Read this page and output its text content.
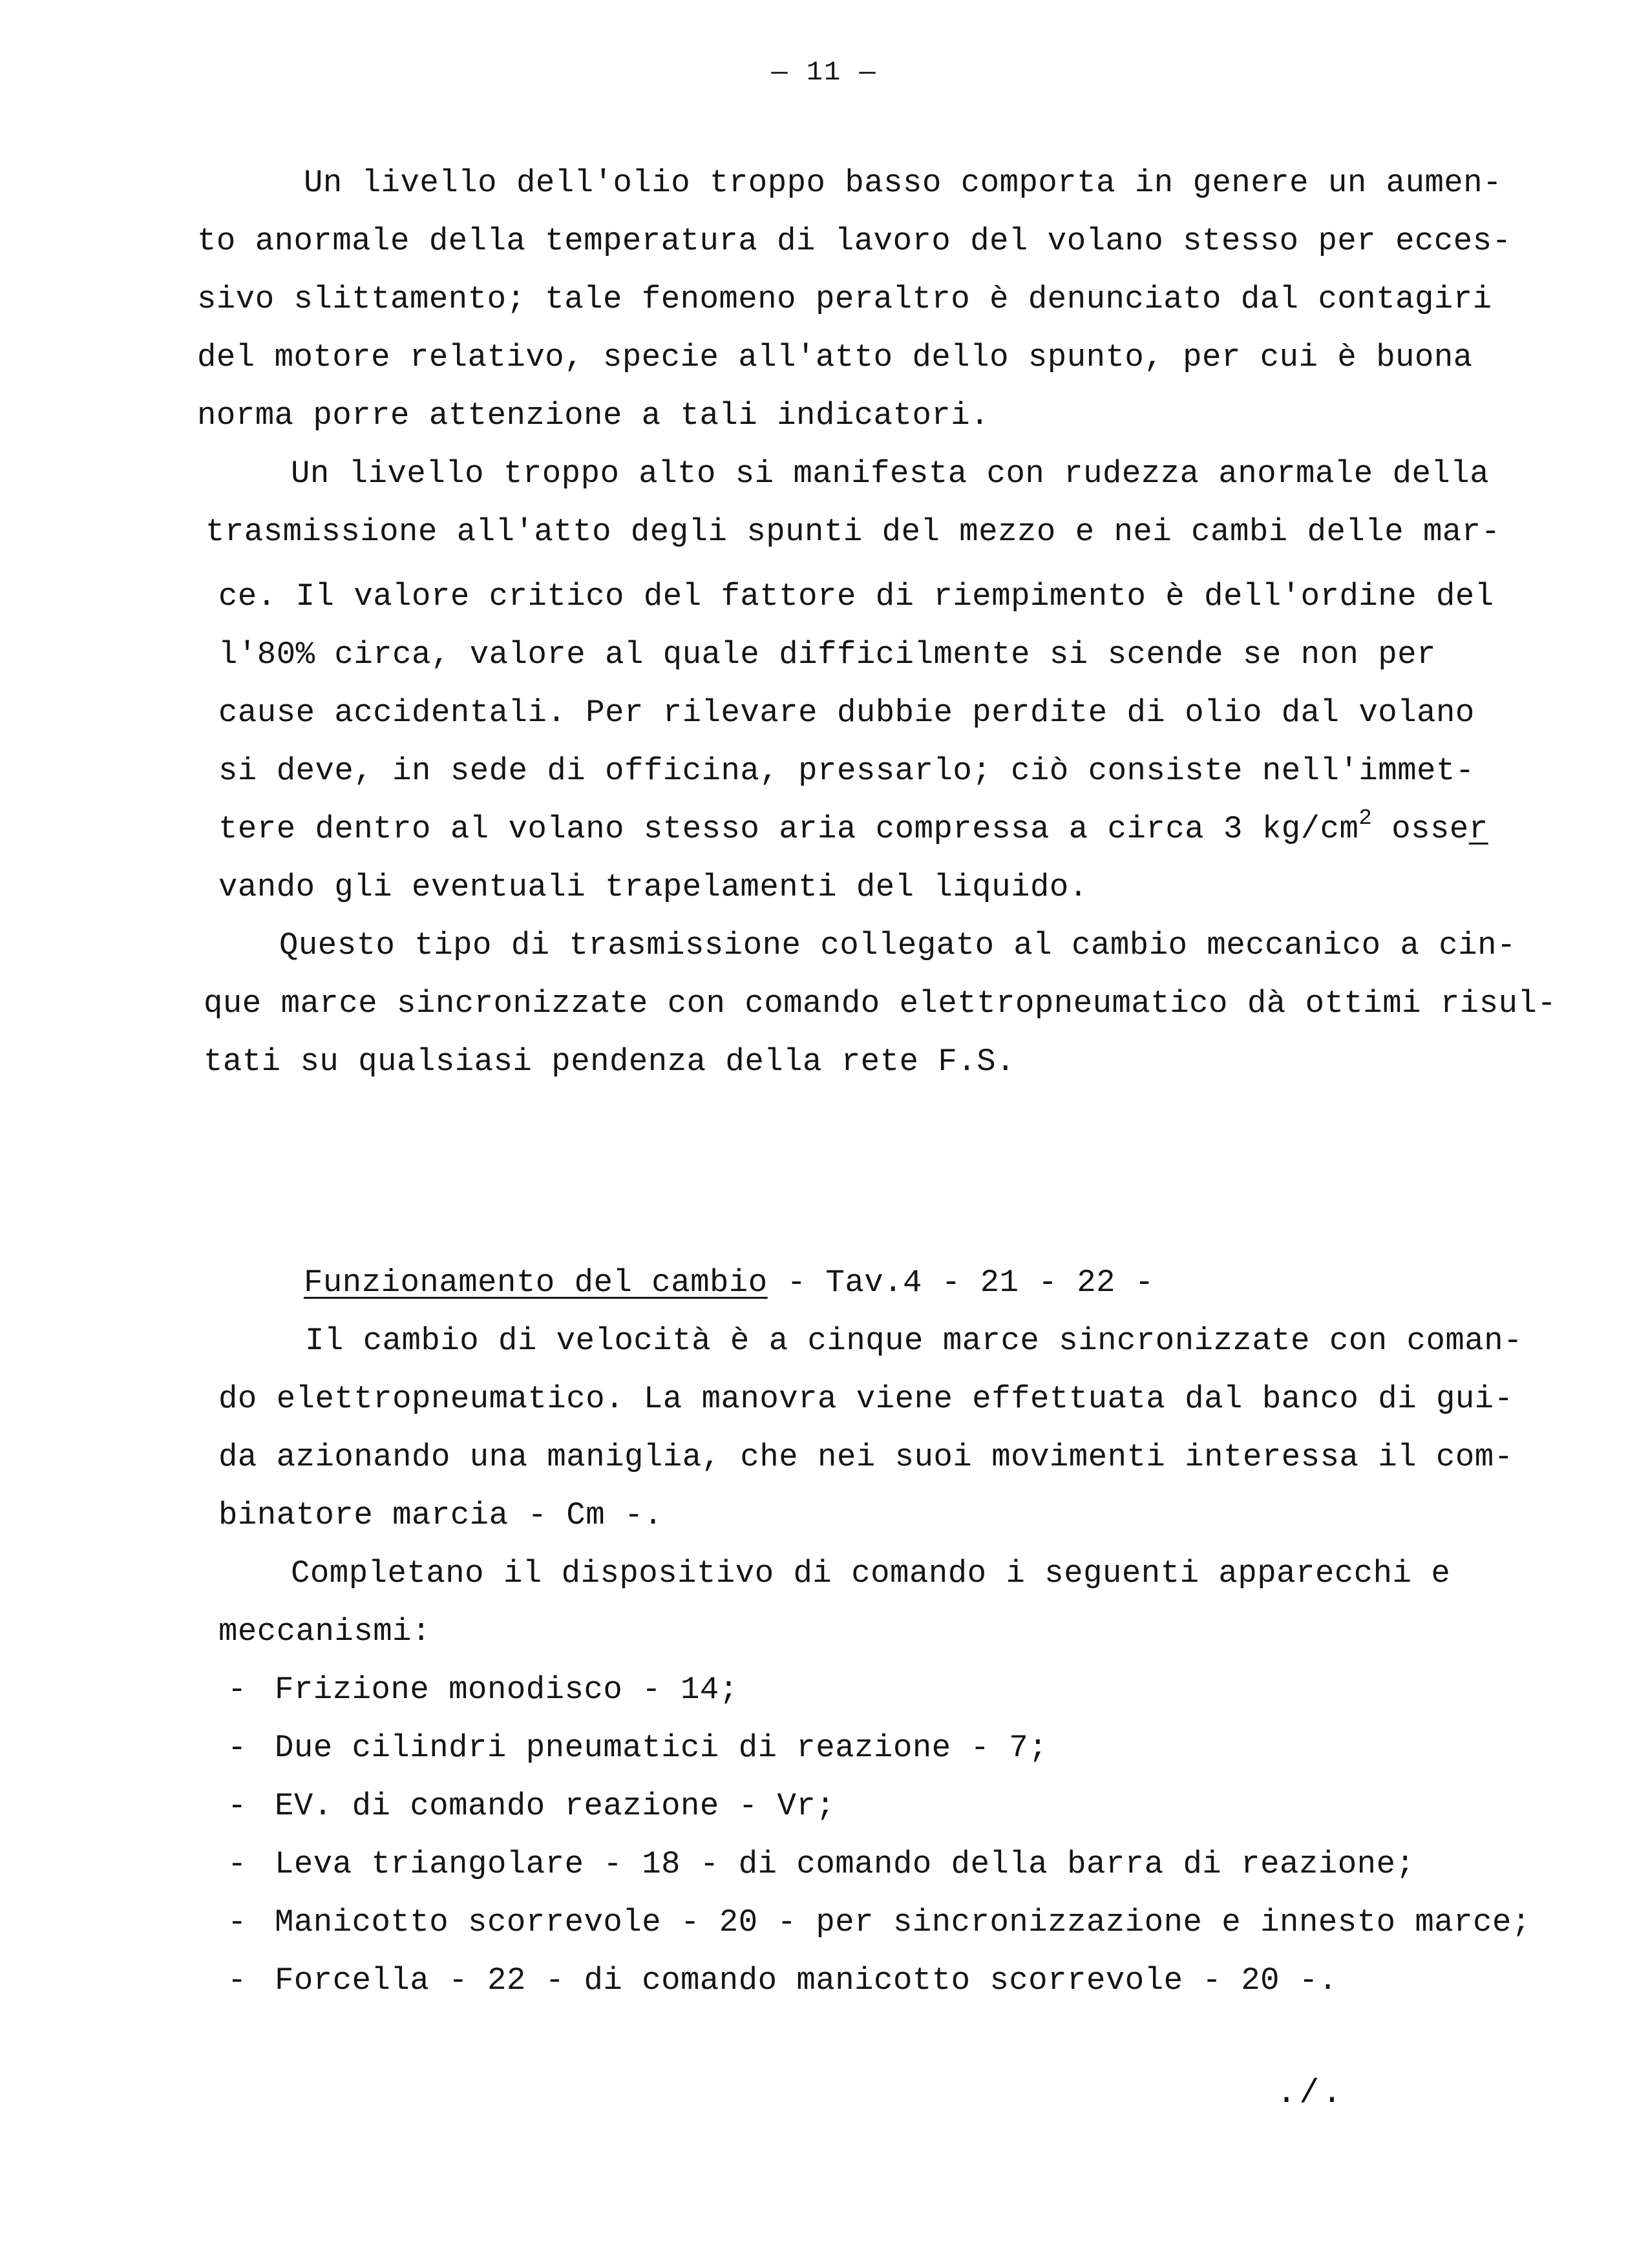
— 11 —
Un livello dell'olio troppo basso comporta in genere un aumen-
to anormale della temperatura di lavoro del volano stesso per ecces-
sivo slittamento; tale fenomeno peraltro è denunciato dal contagiri
del motore relativo, specie all'atto dello spunto, per cui è buona
norma porre attenzione a tali indicatori.
Un livello troppo alto si manifesta con rudezza anormale della
trasmissione all'atto degli spunti del mezzo e nei cambi delle mar-
ce. Il valore critico del fattore di riempimento è dell'ordine del
l'80% circa, valore al quale difficilmente si scende se non per
cause accidentali. Per rilevare dubbie perdite di olio dal volano
si deve, in sede di officina, pressarlo; ciò consiste nell'immet-
tere dentro al volano stesso aria compressa a circa 3 $kg/cm^2$ osser
vando gli eventuali trapelamenti del liquido.
Questo tipo di trasmissione collegato al cambio meccanico a cin-
que marce sincronizzate con comando elettropneumatico dà ottimi risul-
tati su qualsiasi pendenza della rete F.S.
Funzionamento del cambio - Tav.4 - 21 - 22 -
Il cambio di velocità è a cinque marce sincronizzate con coman-
do elettropneumatico. La manovra viene effettuata dal banco di gui-
da azionando una maniglia, che nei suoi movimenti interessa il com-
binatore marcia - Cm -.
Completano il dispositivo di comando i seguenti apparecchi e
meccanismi:
- Frizione monodisco - 14;
- Due cilindri pneumatici di reazione - 7;
- EV. di comando reazione - Vr;
- Leva triangolare - 18 - di comando della barra di reazione;
- Manicotto scorrevole - 20 - per sincronizzazione e innesto marce;
- Forcella - 22 - di comando manicotto scorrevole - 20 -.
./.
